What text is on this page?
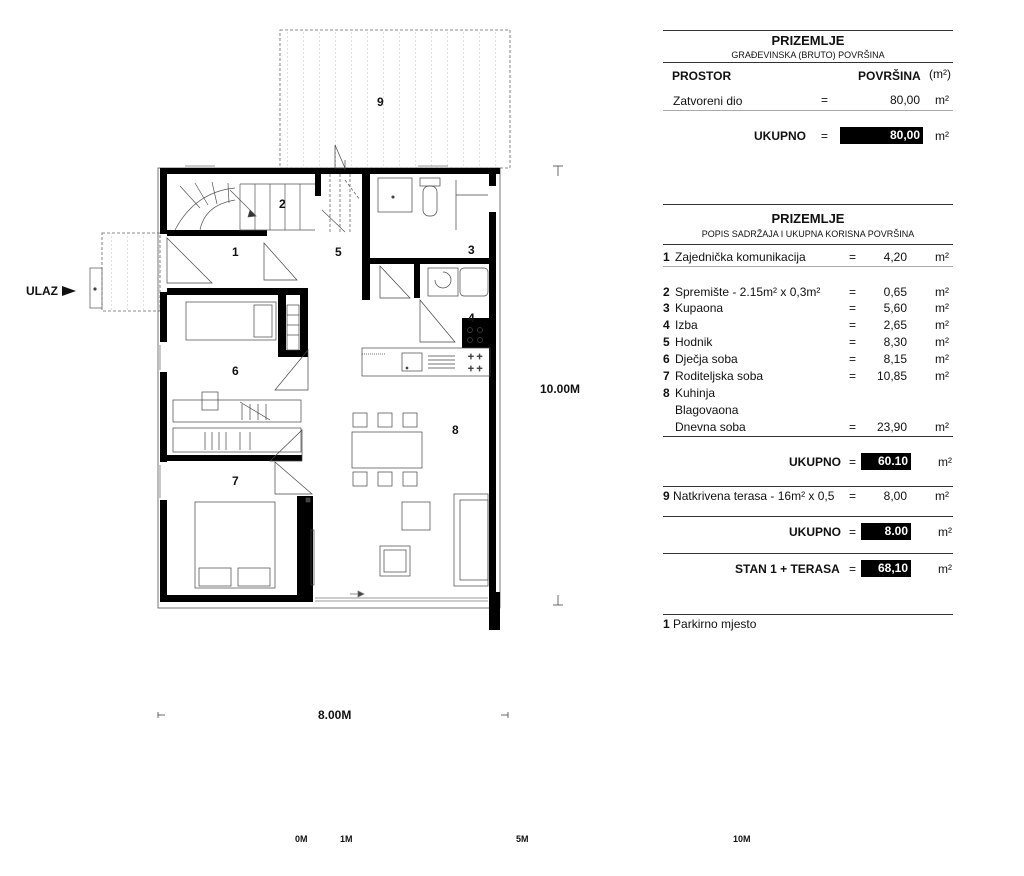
+ +
+ +
9
2
1	5	3
4
6
8
7
ULAZ
8.00M
10.00M
0M	1M	5M	10M
PRIZEMLJE
GRAĐEVINSKA (BRUTO) POVRŠINA
PROSTOR	POVRŠINA (m²)
Zatvoreni dio	=	80,00 m²
UKUPNO =	80,00 m²
PRIZEMLJE
POPIS SADRŽAJA I UKUPNA KORISNA POVRŠINA
1 Zajednička komunikacija	=	4,20 m²
2 Spremište - 2.15m² x 0,3m² =	0,65 m²
3 Kupaona	=	5,60 m²
4 Izba	=	2,65 m²
5 Hodnik	=	8,30 m²
6 Dječja soba	=	8,15 m²
7 Roditeljska soba	=	10,85 m²
8 Kuhinja
Blagovaona
Dnevna soba	=	23,90 m²
UKUPNO =	60.10	m²
9 Natkrivena terasa - 16m² x 0,5 =	8,00 m²
UKUPNO =	8.00	m²
STAN 1 + TERASA =	68,10	m²
1 Parkirno mjesto
